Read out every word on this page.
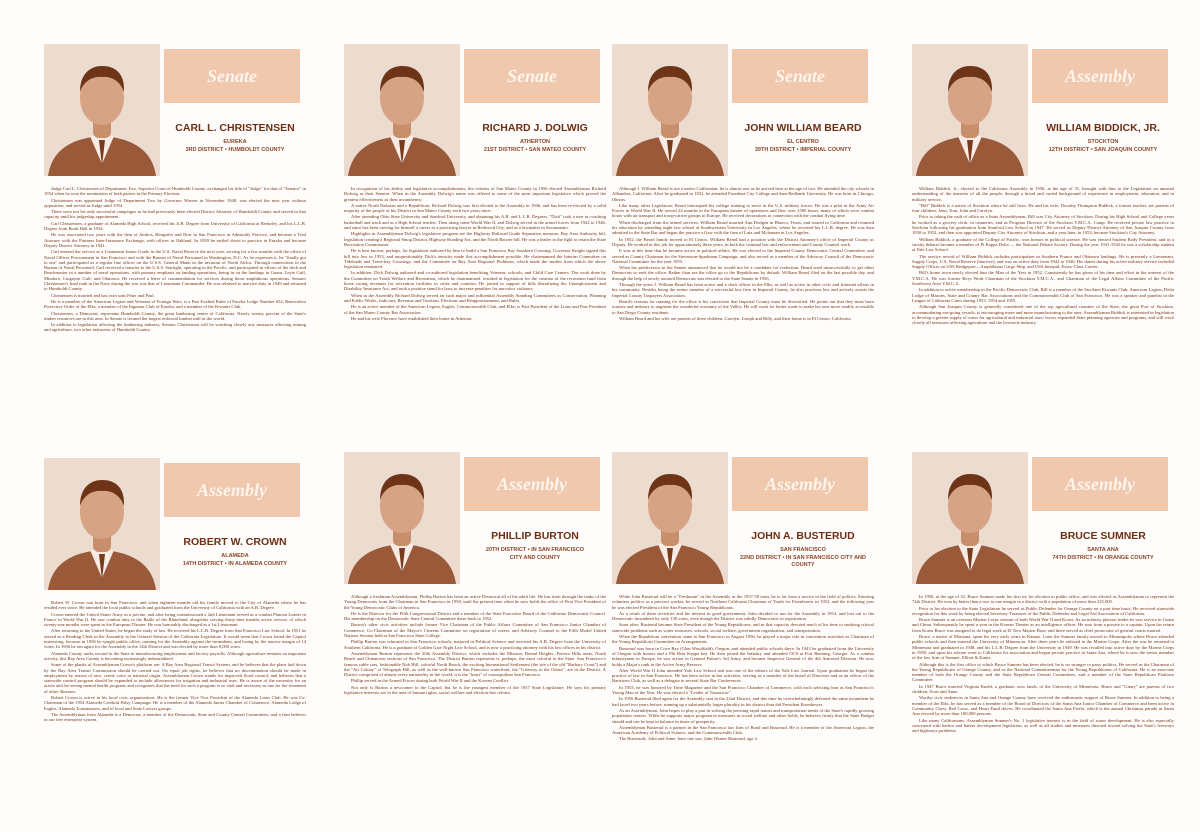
Senate
CARL L. CHRISTENSEN
EUREKA
3RD DISTRICT • HUMBOLDT COUNTY

Judge Carl L. Christensen of Department Two, Superior Court of Humboldt County, exchanged his title of "Judge" for that of "Senator" in 1954 when he won the nomination of both parties in the Primary Election.

Christensen was appointed Judge of Department Two by Governor Warren in November 1948, was elected the next year without opposition, and served as Judge until 1954.

There were not his only successful campaigns as he had previously been elected District Attorney of Humboldt County and served in that capacity until his judgeship appointment.

Carl Christensen, a graduate of Alameda High School, received his A.B. Degree from University of California at Berkeley, and his L.L.B. Degree from Boalt Hall in 1934.

He was associated two years with the firm of Andros, Hengstler and Dorr in San Francisco in Admiralty Practice, and became a Trial Attorney with the Partners Inter-Insurance Exchange, with offices in Oakland. In 1939 he settled down to practice in Eureka and became Deputy District Attorney in 1941.

Carl entered the service as a Lieutenant Junior Grade in the U.S. Naval Reserve the next year, serving for a few months with the office of Naval Officer Procurement in San Francisco and with the Bureau of Naval Personnel in Washington, D.C. As he expresses it, he "finally got to sea" and participated as a regular line officer on the U.S.S. General Mann in the invasion of North Africa. Through connections in the Bureau of Naval Personnel, Carl received a transfer to the U.S.S. Starlight, operating in the Pacific, and participated in efforts of the deck and Beachmaster in a number of naval operations, with primary emphasis on landing operations, being in on the landings in Guam, Leyte Gulf, Mindoro, Lingayen Gulf, and Okinawa. He received a letter of commendation for services during those amphibious operations. Senator Christensen's final rank in the Navy during the war was that of Lieutenant Commander. He was released to inactive duty in 1949 and returned to Humboldt County.

Christensen is married and has twin sons Peter and Paul.

He is a member of the American Legion and Veterans of Foreign Wars, is a Past Exalted Ruler of Eureka Lodge Number 652, Benevolent Protective Order of the Elks, a member of the Ingomar Club of Eureka, and a member of the Kiwanis Club.

Christensen, a Democrat, represents Humboldt County, the great lumbering center of California. Nearly twenty percent of the State's timber resources are in this area. In Senate is located the largest redwood lumber mill in the world.

In addition to legislation affecting the lumbering industry, Senator Christensen will be watching closely any measures affecting mining and agriculture, two other industries of Humboldt County.

Senate
RICHARD J. DOLWIG
ATHERTON
21ST DISTRICT • SAN MATEO COUNTY

In recognition of his ability and legislative accomplishments, the citizens of San Mateo County in 1956 elected Assemblyman Richard Dolwig as their Senator. When in the Assembly Dolwig's name was offered to some of the most important legislative which proved the greatest effectiveness as their incumbency.

A native North Dakotan and a Republican, Richard Dolwig was first elected to the Assembly in 1946, and has been re-elected by a solid majority of the people of his District in San Mateo County each two years since.

After attending Ohio State University and Stanford University, and obtaining his A.B. and L.L.B. Degrees, "Dick" took a turn in coaching basketball and track and as a High School teacher. Then along came World War II, and Dolwig served in the armed forces from 1942 to 1946, and since has been carving for himself a career as a practicing lawyer in Redwood City, and as a lawmaker in Sacramento.

Highlights in Assemblyman Dolwig's legislative program are the Highway Railroad Grade Separation measure, Bay Area Authority bill, legislation creating a Regional Smog District, Highway Bonding Act, and the North Barrier bill. He was a leader in the fight to retain the State Recreation Commission.

He is best known, perhaps, for legislation authored by him to build a San Francisco Bay Southern Crossing. Governor Knight signed this bill into law in 1953, and unquestionably Dick's tenacity made this accomplishment possible. He chairmanned the Interim Committee on Tidelands and Trans-bay Crossings, and the Committee on Bay Area Regional Problems, which made the studies from which the above legislation emanated.

In addition, Dick Dolwig authored and co-authored legislation benefiting Veterans, schools, and Child Care Centers. The work done by the Committee on Youth Welfare and Recreation, which he chairmanned, resulted in legislation for the creation of the recreation fund from horse racing revenues for recreation facilities in cities and counties. He joined in support of bills liberalizing the Unemployment and Disability Insurance Act, and took a positive stand for laws to increase penalties for narcotics violators.

When in the Assembly Richard Dolwig served on such major and influential Assembly Standing Committees as Conservation, Planning and Public Works, Judiciary, Revenue and Taxation, Elections and Reapportionment, and Rules.

He is an active member of the American Legion, Eagles, Commonwealth Club, and Elks; is Past President of the Lions and Past President of the San Mateo County Bar Association.

He and his wife Florence have established their home in Atherton.

Senate
JOHN WILLIAM BEARD
EL CENTRO
39TH DISTRICT • IMPERIAL COUNTY

Although J. William Beard is not a native Californian, he is almost one as he arrived here at the age of two. He attended the city schools in Alhambra, California. After he graduated in 1932, he attended Pasadena City College and then Redlands University. He was born in Chicago, Illinois.

Like many other Legislators, Beard interrupted his college training to serve in the U.S. military forces. He was a pilot in the Army Air Forces in World War II. He served 24 months in the European theater of operations and flew over 1500 hours, many of which were combat hours with air transport and troop-carrier groups in Europe. He received decorations in connection with the combat flying time.

When discharged from the armed services, William Beard married Ann Dodgen in Blanco, Texas, and started to California and resumed his education by attending night law school at Southwestern University in Los Angeles, where he received his L.L.B. degree. He was then admitted to the State Bar and began the practice of law with the firm of Lutz and Mclennan in Los Angeles.

In 1952, the Beard family moved to El Centro. William Beard had a position with the District Attorney's office of Imperial County as Deputy. He worked in this job for approximately three years, in both the criminal law and enforcement and County Counsel work.

It was at this time that he became active in political affairs. He was elected to the Imperial County Democratic Central Committee, and served as County Chairman for the Stevenson-Sparkman Campaign, and also served as a member of the Advisory Council of the Democratic National Committee for the year 1955.

When his predecessor in the Senate announced that he would not be a candidate for reelection, Beard tried unsuccessfully to get other Democrats to seek the office. Rather than see the office go to the Republicans by default, William Beard filed on the last possible day, and through the help of newly aroused Democrats was elected to the State Senate in 1956.

Through the years J. William Beard has been active and a chair officer in the Elks, as well as active in other civic and fraternal affairs in his community. Besides being the senior member of a successful law firm in Imperial County, he also practices law and actively assists the Imperial County Taxpayers Association.

Beard's reasons for running for the office is his conviction that Imperial County must be diversified. He points out that they must have tourists and industry to augment the wonderful economy of the Valley. He will work for better roads to make his area more readily accessible to San Diego County residents.

William Beard and his wife are parents of three children, Carolyn, Joseph and Billy, and their home is in El Centro, California.

Assembly
WILLIAM BIDDICK, JR.
STOCKTON
12TH DISTRICT • SAN JOAQUIN COUNTY

William Biddick, Jr., elected to the California Assembly in 1956, at the age of 31, brought with him to the Legislature an unusual understanding of the interests of all the people, through a broad and varied background of experience in employment, education, and in military service.

"Bill" Biddick is a native of Stockton where he still lives. He and his wife, Dorothy Thompson Biddick, a former teacher, are parents of four children: Jenn, Tom, John and Carolyn.

Prior to taking the oath of office as a State Assemblyman, Bill was City Attorney of Stockton. During his High School and College years he worked as a grocery clerk, in canneries, and as Program Director of the Stockton Y.M.C.A. Camp. He received private law practice in Stockton following his graduation from Stanford Law School in 1947. He served as Deputy District Attorney of San Joaquin County from 1950 to 1952, and then was appointed Deputy City Attorney of Stockton, and a year later, in 1953, became Stockton's City Attorney.

William Biddick, a graduate of the College of Pacific, won honors in political science. He was elected Student Body President, and as a varsity debater became a member of Pi Kappa Delta — the National Debate Society. During the year 1941-1942 he was a scholarship student at Yale Law School.

The service record of William Biddick includes participation in Southern France and Okinawa landings. He is presently a Lieutenant, Supply Corps, U.S. Naval Reserve (inactive), and was on active duty from 1942 to 1946. His duties during his active military service included Supply Officer on USS Bridgeport—Amphibious Cargo Ship, and USS Intrepid, Essex-Class Carrier.

Bill's home town newly elected him the Man of the Year in 1952. Consistently he has given of his time and effort in the interest of the Y.M.C.A. He was former Boys Work Chairman of the Stockton Y.M.C.A., and Chairman of the Legal Affairs Committee of the Pacific Southwest Area Y.M.C.A.

In addition to active membership in the Pacific Democratic Club, Bill is a member of the Stockton Kiwanis Club, American Legion, Delta Lodge of Masons, State and County Bar Associations and the Commonwealth Club of San Francisco. He was a speaker and panelist in the League of California Cities during 1953, 1954 and 1955.

Although San Joaquin County is generally considered one of the top agricultural counties of the State, the great Port of Stockton, accommodating sea-going vessels, is encouraging more and more manufacturing to the area. Assemblyman Biddick is interested in legislation to develop a greater supply of water for agricultural and industrial uses; favors expanded State planning agencies and programs, and will work closely all measures affecting agriculture and the livestock industry.

Assembly
ROBERT W. CROWN
ALAMEDA
14TH DISTRICT • IN ALAMEDA COUNTY

Robert W. Crown was born in San Francisco, and when eighteen months old his family moved to the City of Alameda where he has resided ever since. He attended the local public schools and graduated from the University of California with an A.B. Degree.

Crown entered the United States Army as a private, and after being commissioned a 2nd Lieutenant served as a combat Platoon Leader in France in World War II. He saw combat duty in the Battle of the Rhineland, altogether serving thirty-nine months active service, of which twenty-one months were spent in the European Theater. He was honorably discharged as a 1st Lieutenant.

After returning to the United States, he began the study of law. He received his L.L.B. Degree from San Francisco Law School. In 1951 he served as a Reading Clerk in the Assembly in the General Session of the California Legislature. It would seem that Crown found the Capitol interesting, because in 1956 he sought public office, running for the Assembly against the incumbent, and losing by the narrow margin of 14 votes. In 1956 he ran again for the Assembly in the 14th District and was elected by more than 8,000 votes.

Alameda County ranks second in the State in manufacturing employment and factory payrolls. Although agriculture remains an important activity, this Bay Area County is becoming increasingly industrialized.

Some of the planks of Assemblyman Crown's platform are: A Bay Area Regional Transit System, and he believes that the plans laid down by the Bay Area Transit Commission should be carried out. On equal job rights, he believes that no discrimination should be made in employment by reason of race, creed, color or national origin. Assemblyman Crown stands for improved flood control, and believes that a statewide control program should be expanded to include allowances for irrigation and industrial uses. He is aware of the necessity for an active and far-seeing mental health program, and recognizes that the need for such a program is so vital and necessary as one for the treatment of other illnesses.

Robert Crown is active in his local civic organizations. He is the former Vice Vice President of the Alameda Lions Club. He was Co-Chairman of the 1954 Alameda Cerebral Palsy Campaign. He is a member of the Alameda Junior Chamber of Commerce, Alameda Lodge of Eagles, Alameda Toastmasters, and of local and State Lawyer groups.

The Assemblyman from Alameda is a Democrat, a member of the Democratic State and County Central Committees, and a firm believer in our free enterprise system.

Assembly
PHILLIP BURTON
20TH DISTRICT • IN SAN FRANCISCO
CITY AND COUNTY

Although a freshman Assemblyman, Phillip Burton has been an active Democrat all of his adult life. He has risen through the ranks of the Young Democrats from the Chairman in San Francisco in 1950, until the present time when he now holds the office of First Vice President of the Young Democratic Clubs of America.

He is the Director for the Fifth Congressional District and a member of the State Executive Board of the California Democratic Council. His membership on the Democratic State Central Committee dates back to 1952.

Burton's other civic activities include former Vice Chairman of the Public Affairs Committee of San Francisco Junior Chamber of Commerce, Co-Chairman of the Mayor's Citizens Committee on registration of voters, and Advisory Counsel to the Fifth Model United Nations Session held at San Francisco State College.

Phillip Burton was educated in San Francisco schools, majored in Political Science and received his A.B. Degree from the University of Southern California. He is a graduate of Golden Gate Night Law School, and is now a practicing attorney with his law offices in his district.

Assemblyman Burton represents the 20th Assembly District, which includes the Mission, Bernal Heights, Potrero Hills areas, North Beach and Chinatown sections of San Francisco. The District Burton represents is, perhaps, the most colorful in the State. San Francisco's famous cable cars, fashionable Nob Hill, colorful North Beach, the exciting International Settlement (the site of the old "Barbary Coast") and the "Art Colony" of Telegraph Hill, as well as the well-known San Francisco waterfront, the "Gateway to the Orient", are in the District. A District comprised of almost every nationality in the world; it is the "heart" of cosmopolitan San Francisco.

Phillip served in the Armed Forces during both World War II and the Korean Conflict.

Not only is Burton a newcomer to the Capitol, but he is the youngest member of the 1957 State Legislature. He says his primary legislative interests are in the area of human rights, social welfare and election-law reform.

Assembly
JOHN A. BUSTERUD
SAN FRANCISCO
22ND DISTRICT • IN SAN FRANCISCO CITY AND COUNTY

While John Busterud will be a "Freshman" in the Assembly in the 1957-58 term, he is far from a novice in the field of politics. Entering volunteer politics as a precinct worker, he served as Northern California Chairman of Youth for Eisenhower in 1952, and the following year he was elected President of the San Francisco Young Republicans.

As a result of these activities and his interest in good government, John decided to run for the Assembly in 1954, and lost out to the Democratic incumbent by only 130 votes, even though the District was solidly Democratic in registration.

Soon after, Busterud became State President of the Young Republicans, and in that capacity devoted much of his time to studying critical statewide problems such as water resources, schools, social welfare, government organization, and transportation.

When the Republican convention came to San Francisco in August 1956, he played a major role in convention activities as Chairman of the Young Republican Committee on Arrangements.

Busterud was born in Cove Bay (Glen Woodfield), Oregon, and attended public schools there. In 1943 he graduated from the University of Oregon with honors and a Phi Beta Kappa key. He then joined the Infantry and attended OCS at Fort Benning, Georgia. As a combat infantryman in Europe, he saw action in General Patton's 3rd Army, and became Inspector General of the 4th Armored Division. He now holds a Major's rank in the Active Army Reserve.

After World War II John attended Yale Law School and was one of the editors of the Yale Law Journal. Upon graduation he began the practice of law in San Francisco. He has been active in bar activities, serving as a member of the board of Directors and as an officer of the Barristers Club, as well as a delegate to several State Bar Conferences.

In 1953, he was honored by Time Magazine and the San Francisco Chamber of Commerce, with each selecting him as San Francisco's Young Man of the Year. He was elected a "Leader of Tomorrow".

In 1956 Busterud filed again for the Assembly seat in the 22nd District, and this time he overwhelmingly defeated the same incumbent he had faced two years before, running up a substantially larger plurality in his district than did President Eisenhower.

As an Assemblyman, John hopes to play a part in solving the pressing rapid transit and transportation needs of the State's rapidly growing population centers. While he supports major progressive measures in social welfare and other fields, he believes firmly that the State Budget should and can be kept in balance in times of prosperity.

Assemblyman Busterud is a partner in the San Francisco law firm of Bond and Busterud. He is a member of the American Legion, the American Academy of Political Science, and the Commonwealth Club.

The Busteruds, John and Anne, have one son, John Warner Busterud, age 2.

Assembly
BRUCE SUMNER
SANTA ANA
74TH DISTRICT • IN ORANGE COUNTY

In 1956, at the age of 32, Bruce Sumner made his first try for election to public office, and was elected as Assemblyman to represent the 74th District. He won by better than a two to one margin in a district with a population of more than 225,000.

Prior to his election to the State Legislature he served as Public Defender for Orange County on a part time basis. He received statewide recognition for this work by being elected Secretary-Treasurer of the Public Defender and Legal Aid Association of California.

Bruce Sumner is an overseas Marine Corps veteran of both World War II and Korea. As an infantry platoon leader he saw service in Guam and China. Subsequently he spent a year in the Korean Theater as an intelligence officer. He rose from a private to a captain. Upon his return from Korea Bruce was assigned to do legal work at El Toro Marine Base, and there served as chief prosecutor of general courts martial.

Bruce, a native of Montana, spent his very early years in Kansas. Later the Sumner family moved to Minneapolis where Bruce attended public schools and then entered the University of Minnesota. After three years he enlisted in the Marine Corps. After the war he returned to Minnesota and graduated in 1948, and his L.L.B. Degree from the University in 1949. He was recalled into active duty by the Marine Corps in 1950, and upon his release went to California for association and began private practice in Santa Ana, where he is now the senior member of the law firm of Sumner, Elliott & Kuntz.

Although this is the first office to which Bruce Sumner has been elected, he is no stranger to party politics. He served as the Chairman of the Young Republicans of Orange County, and as the National Committeeman for the Young Republicans of California. He is an associate member of both the Orange County and the State Republican Central Committees, and a member of the State Republican Platform Committee.

In 1947 Bruce married Virginia Kuehl, a graduate, now lands, of the University of Minnesota. Bruce and "Ginny" are parents of two children, Scott and Anne.

Worthy civic endeavors in Santa Ana and Orange County have received the enthusiastic support of Bruce Sumner. In addition to being a member of the Elks, he has served as a member of the Board of Directors of the Santa Ana Junior Chamber of Commerce and been active in Community Chest, Red Cross, and Heart Fund drives. He coordinated the Santa Ana Freiht, which is the annual Christmas parade in Santa Ana viewed by more than 100,000 persons.

Like many Californians, Assemblyman Sumner's No. 1 legislative interest is in the field of water development. He is also especially concerned with harbor and harbor development legislation, as well as all studies and measures directed toward solving the State's freeways and highways problems.
